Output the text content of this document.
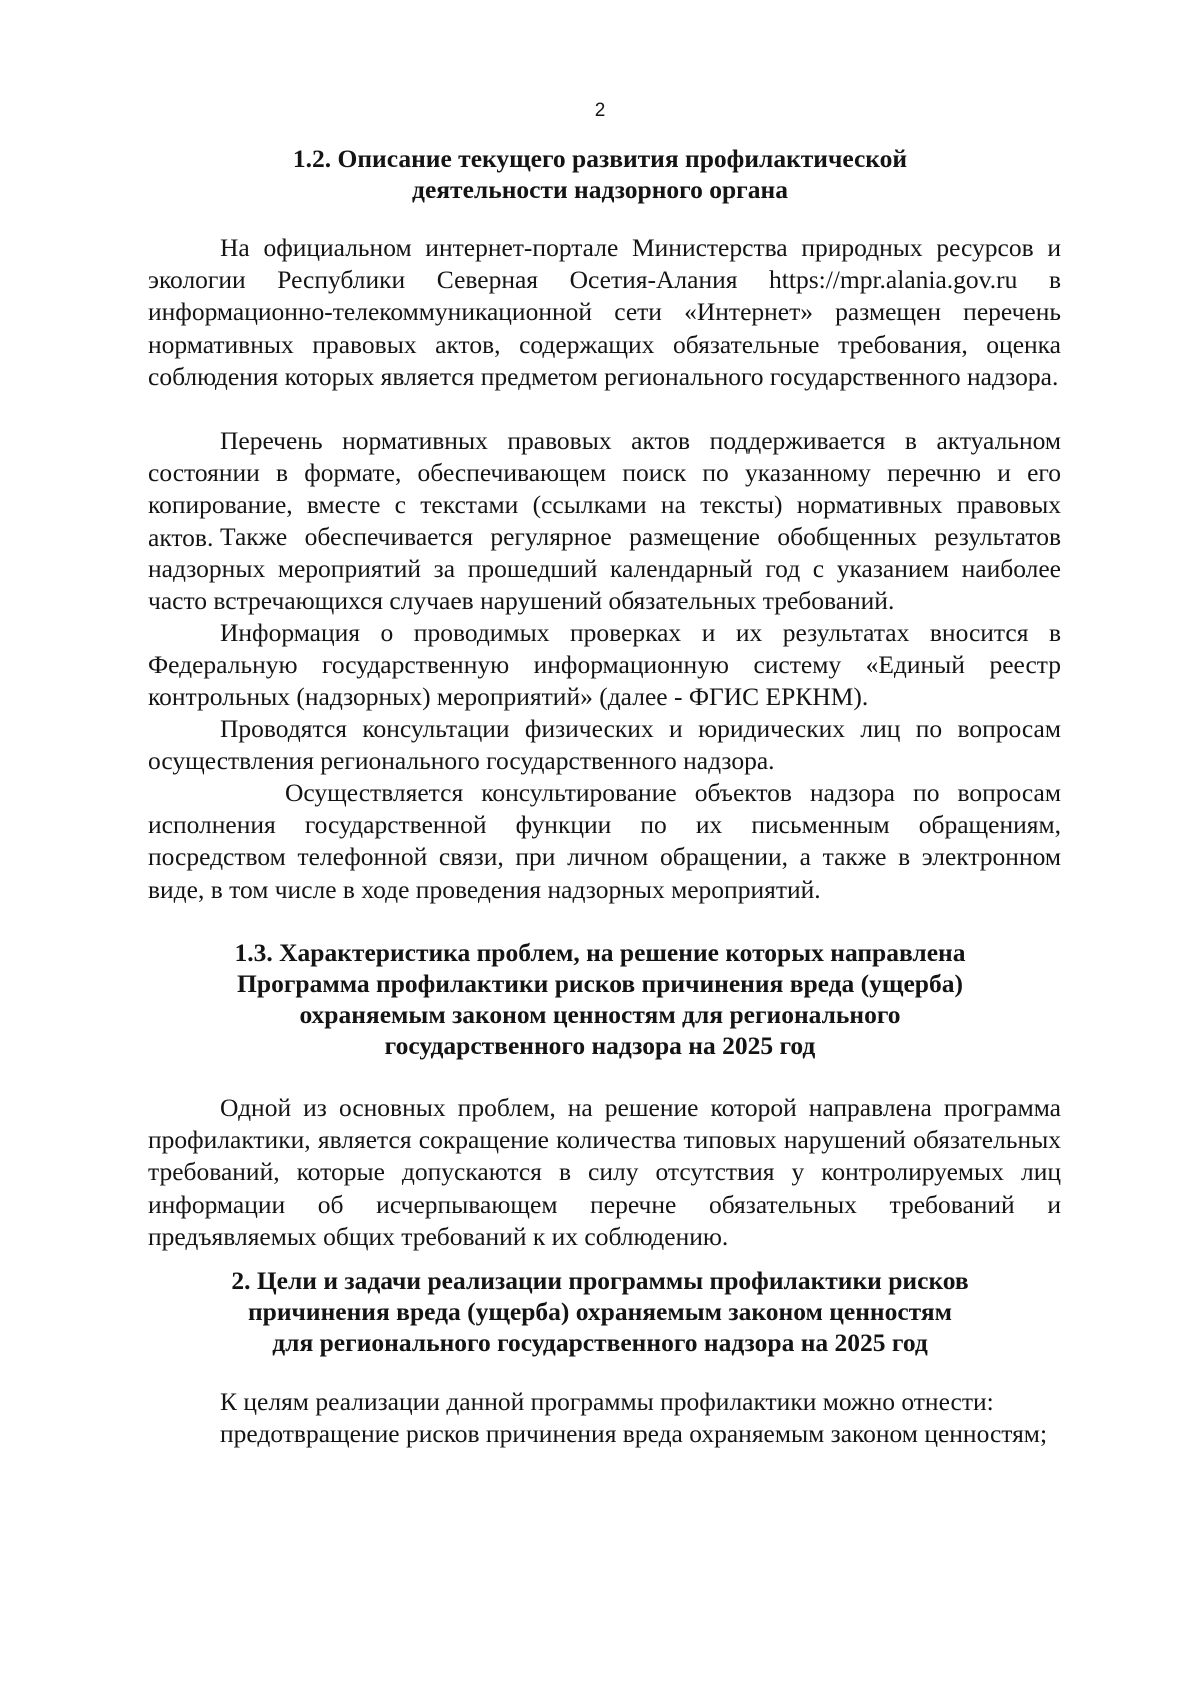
2
1.2. Описание текущего развития профилактической
деятельности надзорного органа

На официальном интернет-портале Министерства природных ресурсов и экологии Республики Северная Осетия-Алания https://mpr.alania.gov.ru в информационно-телекоммуникационной сети «Интернет» размещен перечень нормативных правовых актов, содержащих обязательные требования, оценка соблюдения которых является предметом регионального государственного надзора.

Перечень нормативных правовых актов поддерживается в актуальном состоянии в формате, обеспечивающем поиск по указанному перечню и его копирование, вместе с текстами (ссылками на тексты) нормативных правовых актов. Также обеспечивается регулярное размещение обобщенных результатов надзорных мероприятий за прошедший календарный год с указанием наиболее часто встречающихся случаев нарушений обязательных требований.

Информация о проводимых проверках и их результатах вносится в Федеральную государственную информационную систему «Единый реестр контрольных (надзорных) мероприятий» (далее - ФГИС ЕРКНМ).

Проводятся консультации физических и юридических лиц по вопросам осуществления регионального государственного надзора.

Осуществляется консультирование объектов надзора по вопросам исполнения государственной функции по их письменным обращениям, посредством телефонной связи, при личном обращении, а также в электронном виде, в том числе в ходе проведения надзорных мероприятий.

1.3. Характеристика проблем, на решение которых направлена
Программа профилактики рисков причинения вреда (ущерба)
охраняемым законом ценностям для регионального
государственного надзора на 2025 год

Одной из основных проблем, на решение которой направлена программа профилактики, является сокращение количества типовых нарушений обязательных требований, которые допускаются в силу отсутствия у контролируемых лиц информации об исчерпывающем перечне обязательных требований и предъявляемых общих требований к их соблюдению.

2. Цели и задачи реализации программы профилактики рисков
причинения вреда (ущерба) охраняемым законом ценностям
для регионального государственного надзора на 2025 год

К целям реализации данной программы профилактики можно отнести:

предотвращение рисков причинения вреда охраняемым законом ценностям;
